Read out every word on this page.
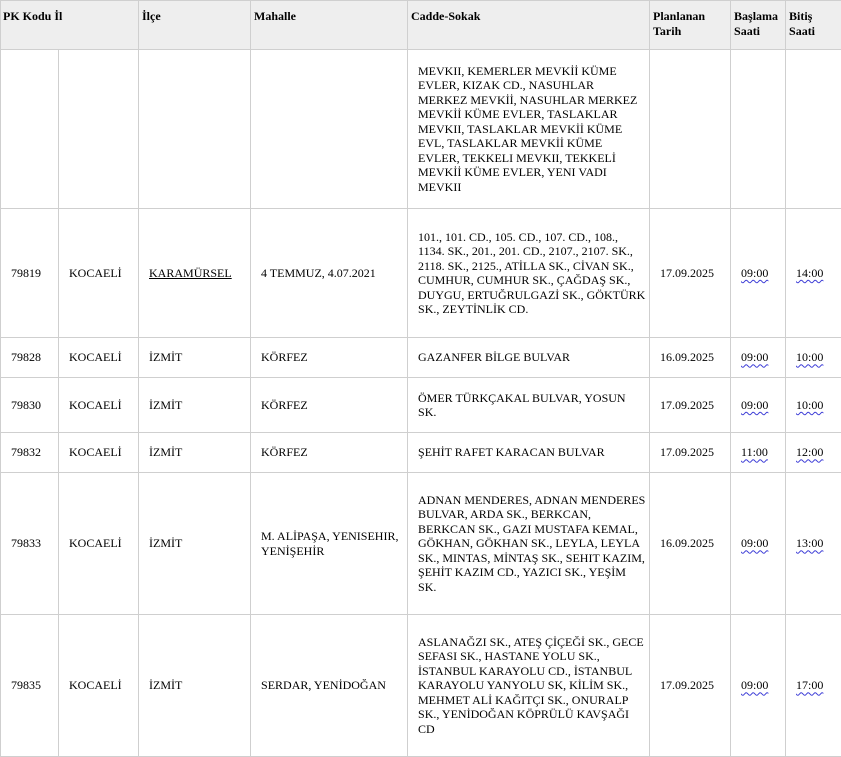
PK Kodu İl		İlçe	Mahalle	Cadde-Sokak	Planlanan Tarih	Başlama Saati	Bitiş Saati
				MEVKII, KEMERLER MEVKİİ KÜME EVLER, KIZAK CD., NASUHLAR MERKEZ MEVKİİ, NASUHLAR MERKEZ MEVKİİ KÜME EVLER, TASLAKLAR MEVKII, TASLAKLAR MEVKİİ KÜME EVL, TASLAKLAR MEVKİİ KÜME EVLER, TEKKELI MEVKII, TEKKELİ MEVKİİ KÜME EVLER, YENI VADI MEVKII			
79819	KOCAELİ	KARAMÜRSEL	4 TEMMUZ, 4.07.2021	101., 101. CD., 105. CD., 107. CD., 108., 1134. SK., 201., 201. CD., 2107., 2107. SK., 2118. SK., 2125., ATİLLA SK., CİVAN SK., CUMHUR, CUMHUR SK., ÇAĞDAŞ SK., DUYGU, ERTUĞRULGAZİ SK., GÖKTÜRK SK., ZEYTİNLİK CD.	17.09.2025	09:00	14:00
79828	KOCAELİ	İZMİT	KÖRFEZ	GAZANFER BİLGE BULVAR	16.09.2025	09:00	10:00
79830	KOCAELİ	İZMİT	KÖRFEZ	ÖMER TÜRKÇAKAL BULVAR, YOSUN SK.	17.09.2025	09:00	10:00
79832	KOCAELİ	İZMİT	KÖRFEZ	ŞEHİT RAFET KARACAN BULVAR	17.09.2025	11:00	12:00
79833	KOCAELİ	İZMİT	M. ALİPAŞA, YENISEHIR, YENİŞEHİR	ADNAN MENDERES, ADNAN MENDERES BULVAR, ARDA SK., BERKCAN, BERKCAN SK., GAZI MUSTAFA KEMAL, GÖKHAN, GÖKHAN SK., LEYLA, LEYLA SK., MINTAS, MİNTAŞ SK., SEHIT KAZIM, ŞEHİT KAZIM CD., YAZICI SK., YEŞİM SK.	16.09.2025	09:00	13:00
79835	KOCAELİ	İZMİT	SERDAR, YENİDOĞAN	ASLANAĞZI SK., ATEŞ ÇİÇEĞİ SK., GECE SEFASI SK., HASTANE YOLU SK., İSTANBUL KARAYOLU CD., İSTANBUL KARAYOLU YANYOLU SK, KİLİM SK., MEHMET ALİ KAĞITÇI SK., ONURALP SK., YENİDOĞAN KÖPRÜLÜ KAVŞAĞI CD	17.09.2025	09:00	17:00
